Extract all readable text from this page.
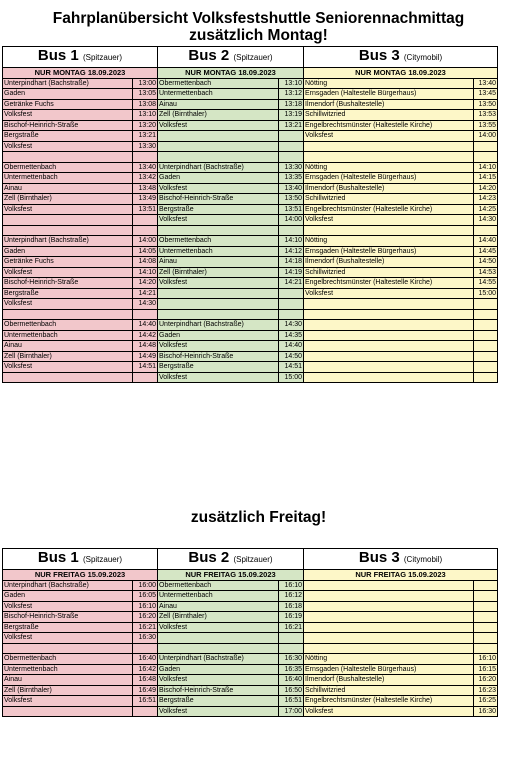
Fahrplanübersicht Volksfestshuttle Seniorennachmittag
zusätzlich Montag!
Bus 1 (Spitzauer)		Bus 2 (Spitzauer)		Bus 3 (Citymobil)	
NUR MONTAG 18.09.2023		NUR MONTAG 18.09.2023		NUR MONTAG 18.09.2023	
Unterpindhart (Bachstraße)	13:00	Obermettenbach	13:10	Nötting	13:40
Gaden	13:05	Untermettenbach	13:12	Ernsgaden (Haltestelle Bürgerhaus)	13:45
Getränke Fuchs	13:08	Ainau	13:18	Ilmendorf (Bushaltestelle)	13:50
Volksfest	13:10	Zell (Birnthaler)	13:19	Schillwitzried	13:53
Bischof-Heinrich-Straße	13:20	Volksfest	13:21	Engelbrechtsmünster (Haltestelle Kirche)	13:55
Bergstraße	13:21			Volksfest	14:00
Volksfest	13:30				

Obermettenbach	13:40	Unterpindhart (Bachstraße)	13:30	Nötting	14:10
Untermettenbach	13:42	Gaden	13:35	Ernsgaden (Haltestelle Bürgerhaus)	14:15
Ainau	13:48	Volksfest	13:40	Ilmendorf (Bushaltestelle)	14:20
Zell (Birnthaler)	13:49	Bischof-Heinrich-Straße	13:50	Schillwitzried	14:23
Volksfest	13:51	Bergstraße	13:51	Engelbrechtsmünster (Haltestelle Kirche)	14:25
		Volksfest	14:00	Volksfest	14:30

Unterpindhart (Bachstraße)	14:00	Obermettenbach	14:10	Nötting	14:40
Gaden	14:05	Untermettenbach	14:12	Ernsgaden (Haltestelle Bürgerhaus)	14:45
Getränke Fuchs	14:08	Ainau	14:18	Ilmendorf (Bushaltestelle)	14:50
Volksfest	14:10	Zell (Birnthaler)	14:19	Schillwitzried	14:53
Bischof-Heinrich-Straße	14:20	Volksfest	14:21	Engelbrechtsmünster (Haltestelle Kirche)	14:55
Bergstraße	14:21			Volksfest	15:00
Volksfest	14:30				

Obermettenbach	14:40	Unterpindhart (Bachstraße)	14:30		
Untermettenbach	14:42	Gaden	14:35		
Ainau	14:48	Volksfest	14:40		
Zell (Birnthaler)	14:49	Bischof-Heinrich-Straße	14:50		
Volksfest	14:51	Bergstraße	14:51		
		Volksfest	15:00		
zusätzlich Freitag!
Bus 1 (Spitzauer)		Bus 2 (Spitzauer)		Bus 3 (Citymobil)	
NUR FREITAG 15.09.2023		NUR FREITAG 15.09.2023		NUR FREITAG 15.09.2023	
Unterpindhart (Bachstraße)	16:00	Obermettenbach	16:10		
Gaden	16:05	Untermettenbach	16:12		
Volksfest	16:10	Ainau	16:18		
Bischof-Heinrich-Straße	16:20	Zell (Birnthaler)	16:19		
Bergstraße	16:21	Volksfest	16:21		
Volksfest	16:30				

Obermettenbach	16:40	Unterpindhart (Bachstraße)	16:30	Nötting	16:10
Untermettenbach	16:42	Gaden	16:35	Ernsgaden (Haltestelle Bürgerhaus)	16:15
Ainau	16:48	Volksfest	16:40	Ilmendorf (Bushaltestelle)	16:20
Zell (Birnthaler)	16:49	Bischof-Heinrich-Straße	16:50	Schillwitzried	16:23
Volksfest	16:51	Bergstraße	16:51	Engelbrechtsmünster (Haltestelle Kirche)	16:25
		Volksfest	17:00	Volksfest	16:30
